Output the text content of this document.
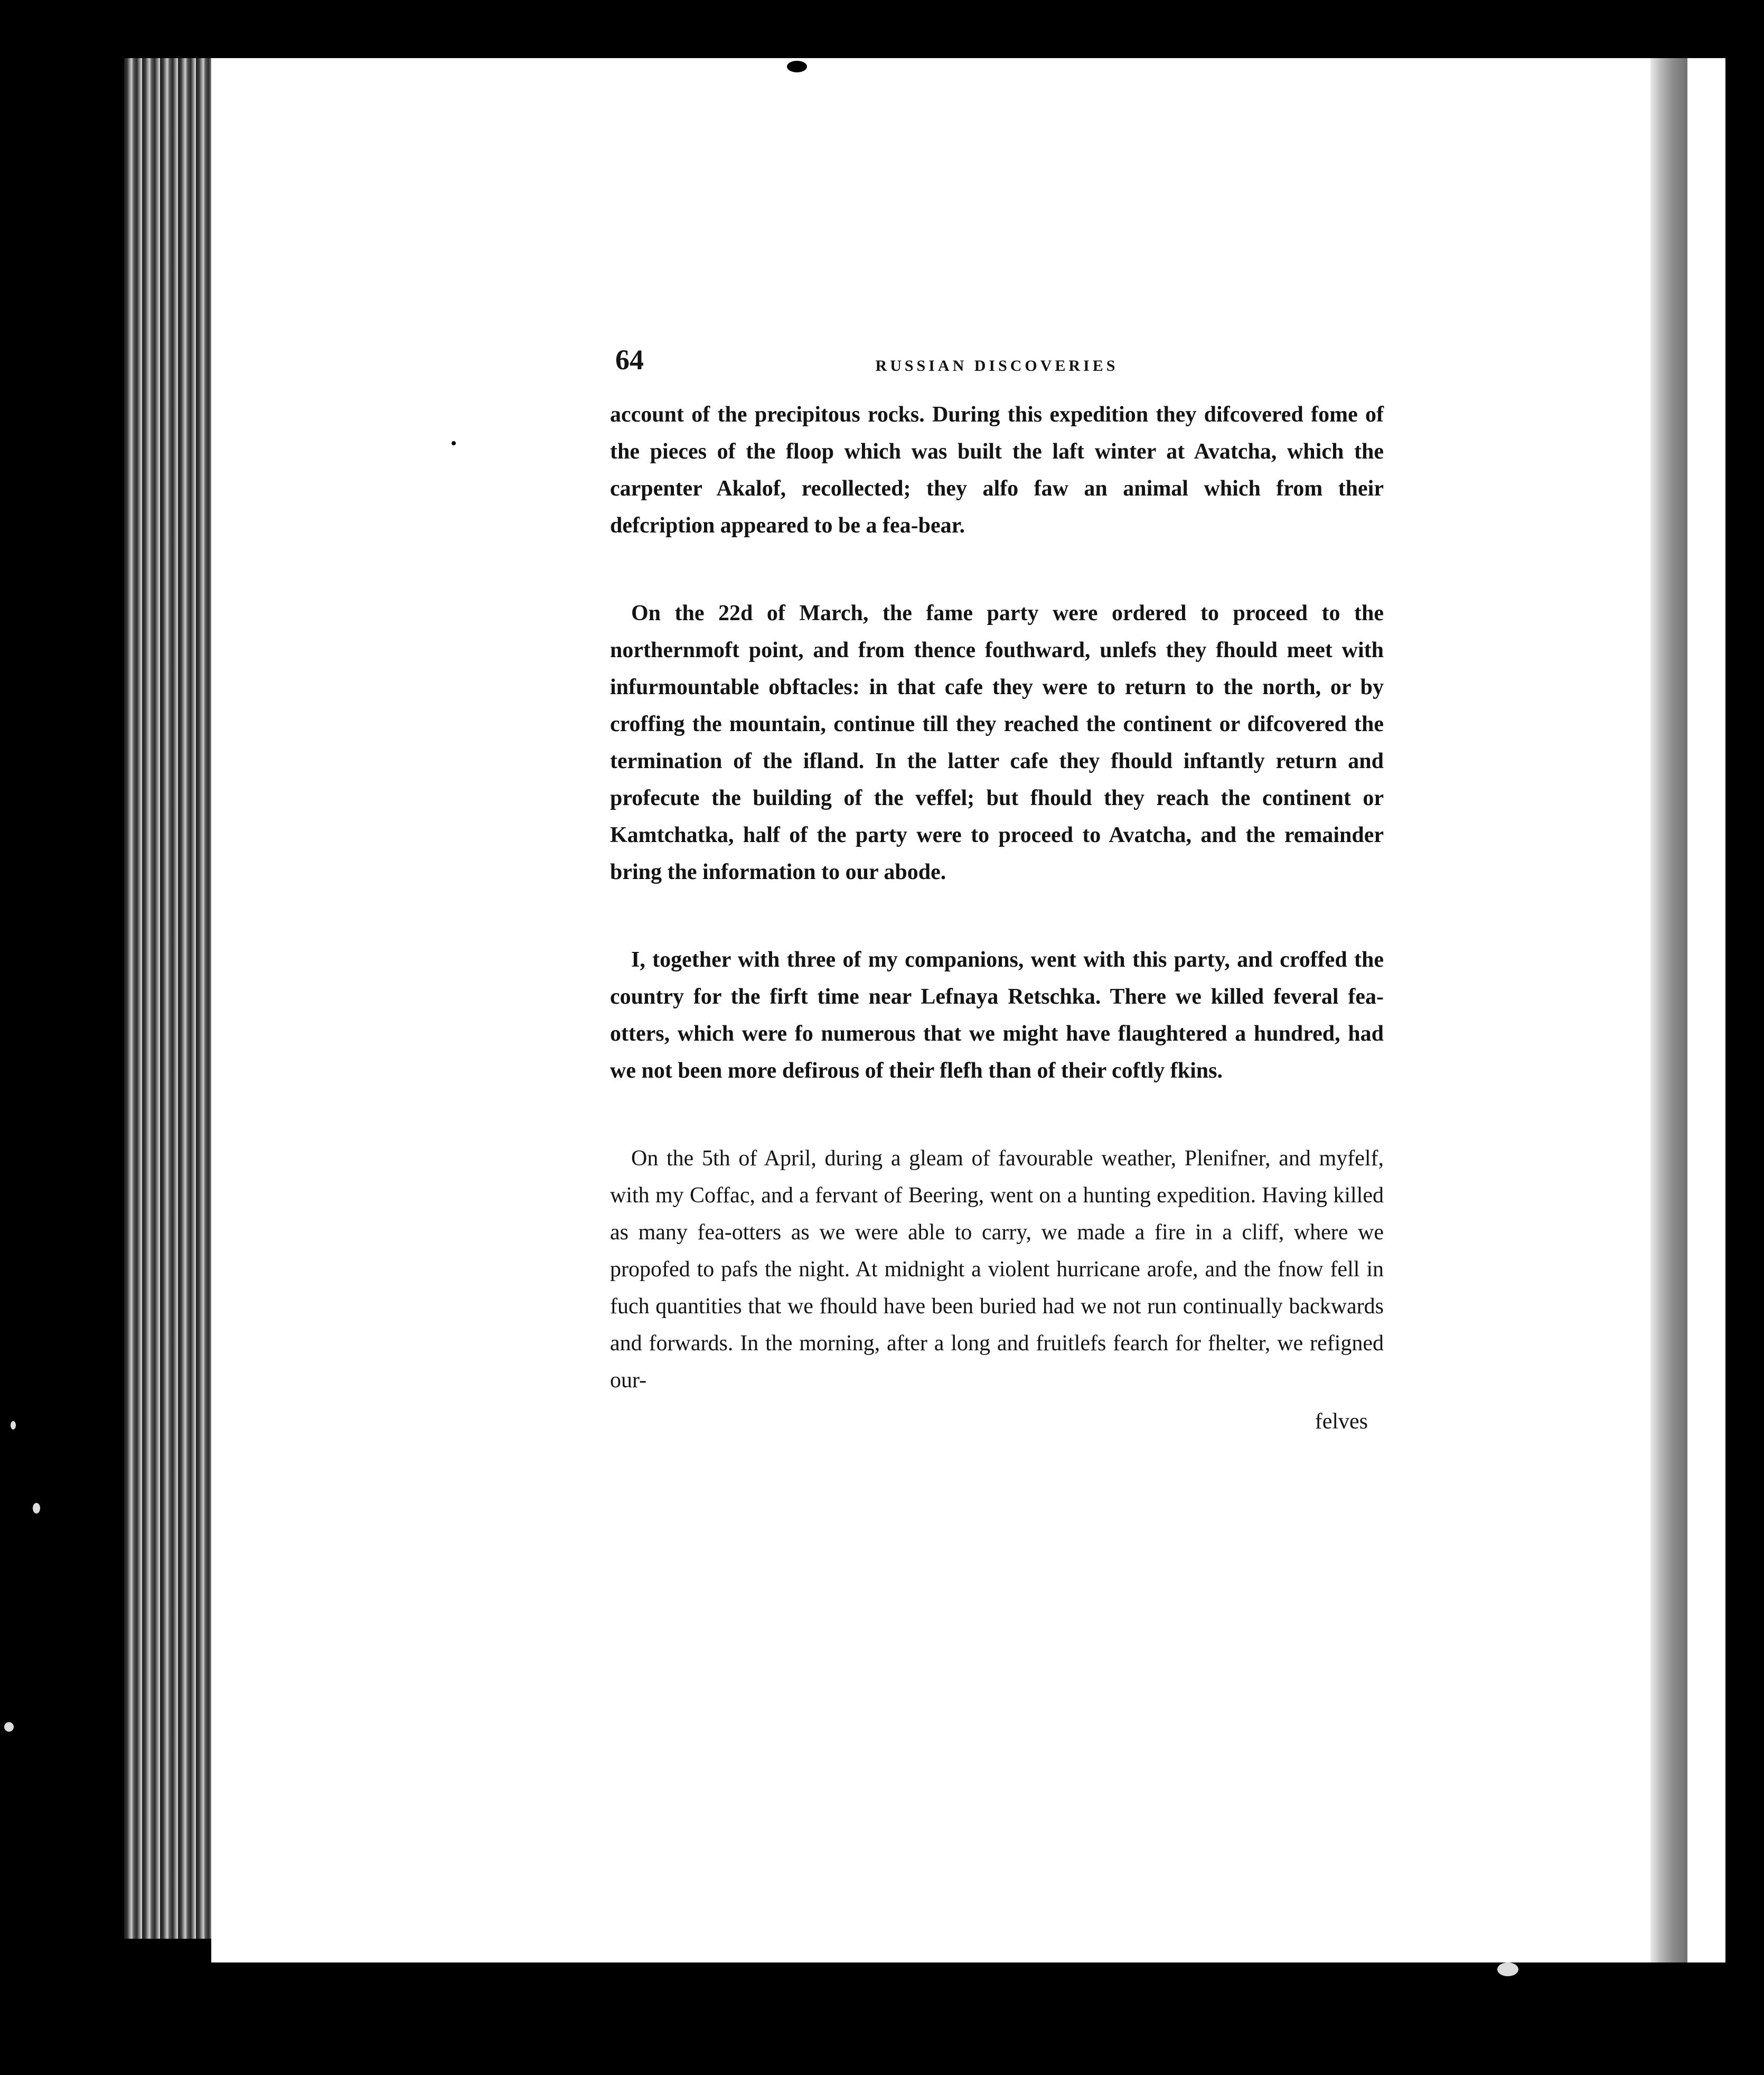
64	RUSSIAN DISCOVERIES

account of the precipitous rocks. During this expedition they difcovered fome of the pieces of the floop which was built the laft winter at Avatcha, which the carpenter Akalof, recollected; they alfo faw an animal which from their defcription appeared to be a fea-bear.

On the 22d of March, the fame party were ordered to proceed to the northernmoft point, and from thence fouthward, unlefs they fhould meet with infurmountable obftacles: in that cafe they were to return to the north, or by croffing the mountain, continue till they reached the continent or difcovered the termination of the ifland. In the latter cafe they fhould inftantly return and profecute the building of the veffel; but fhould they reach the continent or Kamtchatka, half of the party were to proceed to Avatcha, and the remainder bring the information to our abode.

I, together with three of my companions, went with this party, and croffed the country for the firft time near Lefnaya Retschka. There we killed feveral fea-otters, which were fo numerous that we might have flaughtered a hundred, had we not been more defirous of their flefh than of their coftly fkins.

On the 5th of April, during a gleam of favourable weather, Plenifner, and myfelf, with my Coffac, and a fervant of Beering, went on a hunting expedition. Having killed as many fea-otters as we were able to carry, we made a fire in a cliff, where we propofed to pafs the night. At midnight a violent hurricane arofe, and the fnow fell in fuch quantities that we fhould have been buried had we not run continually backwards and forwards. In the morning, after a long and fruitlefs fearch for fhelter, we refigned our-

felves
